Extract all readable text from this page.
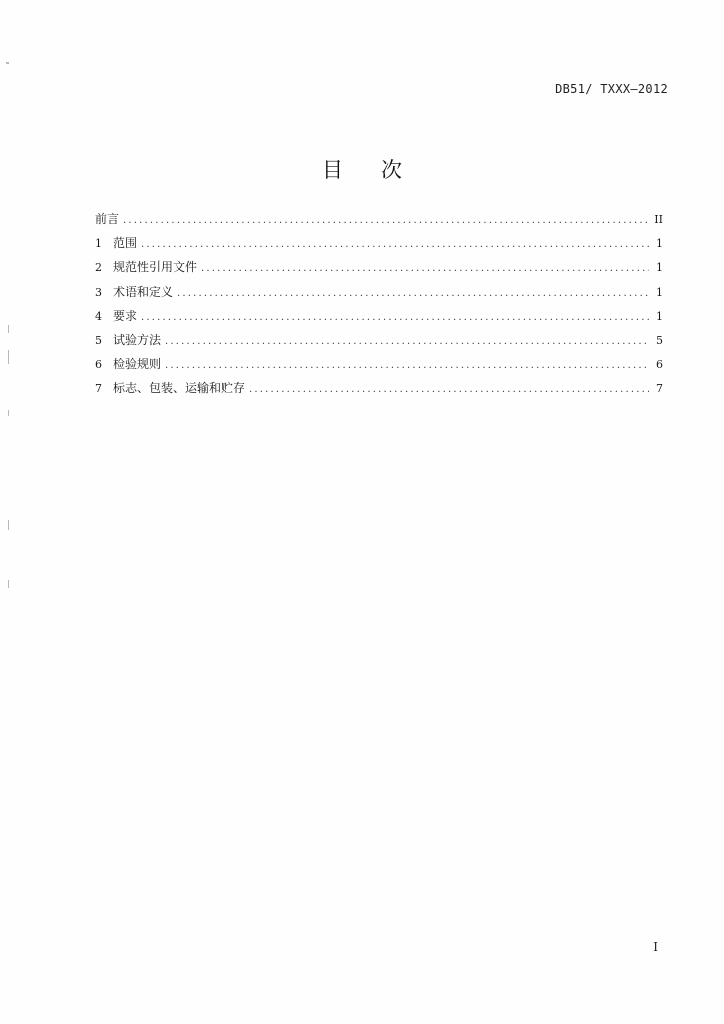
DB51/ TXXX—2012
目 次
前言 .....	II
1 范围 .....	1
2 规范性引用文件 .....	1
3 术语和定义 .....	1
4 要求 .....	1
5 试验方法 .....	5
6 检验规则 .....	6
7 标志、包装、运输和贮存 .....	7
I
